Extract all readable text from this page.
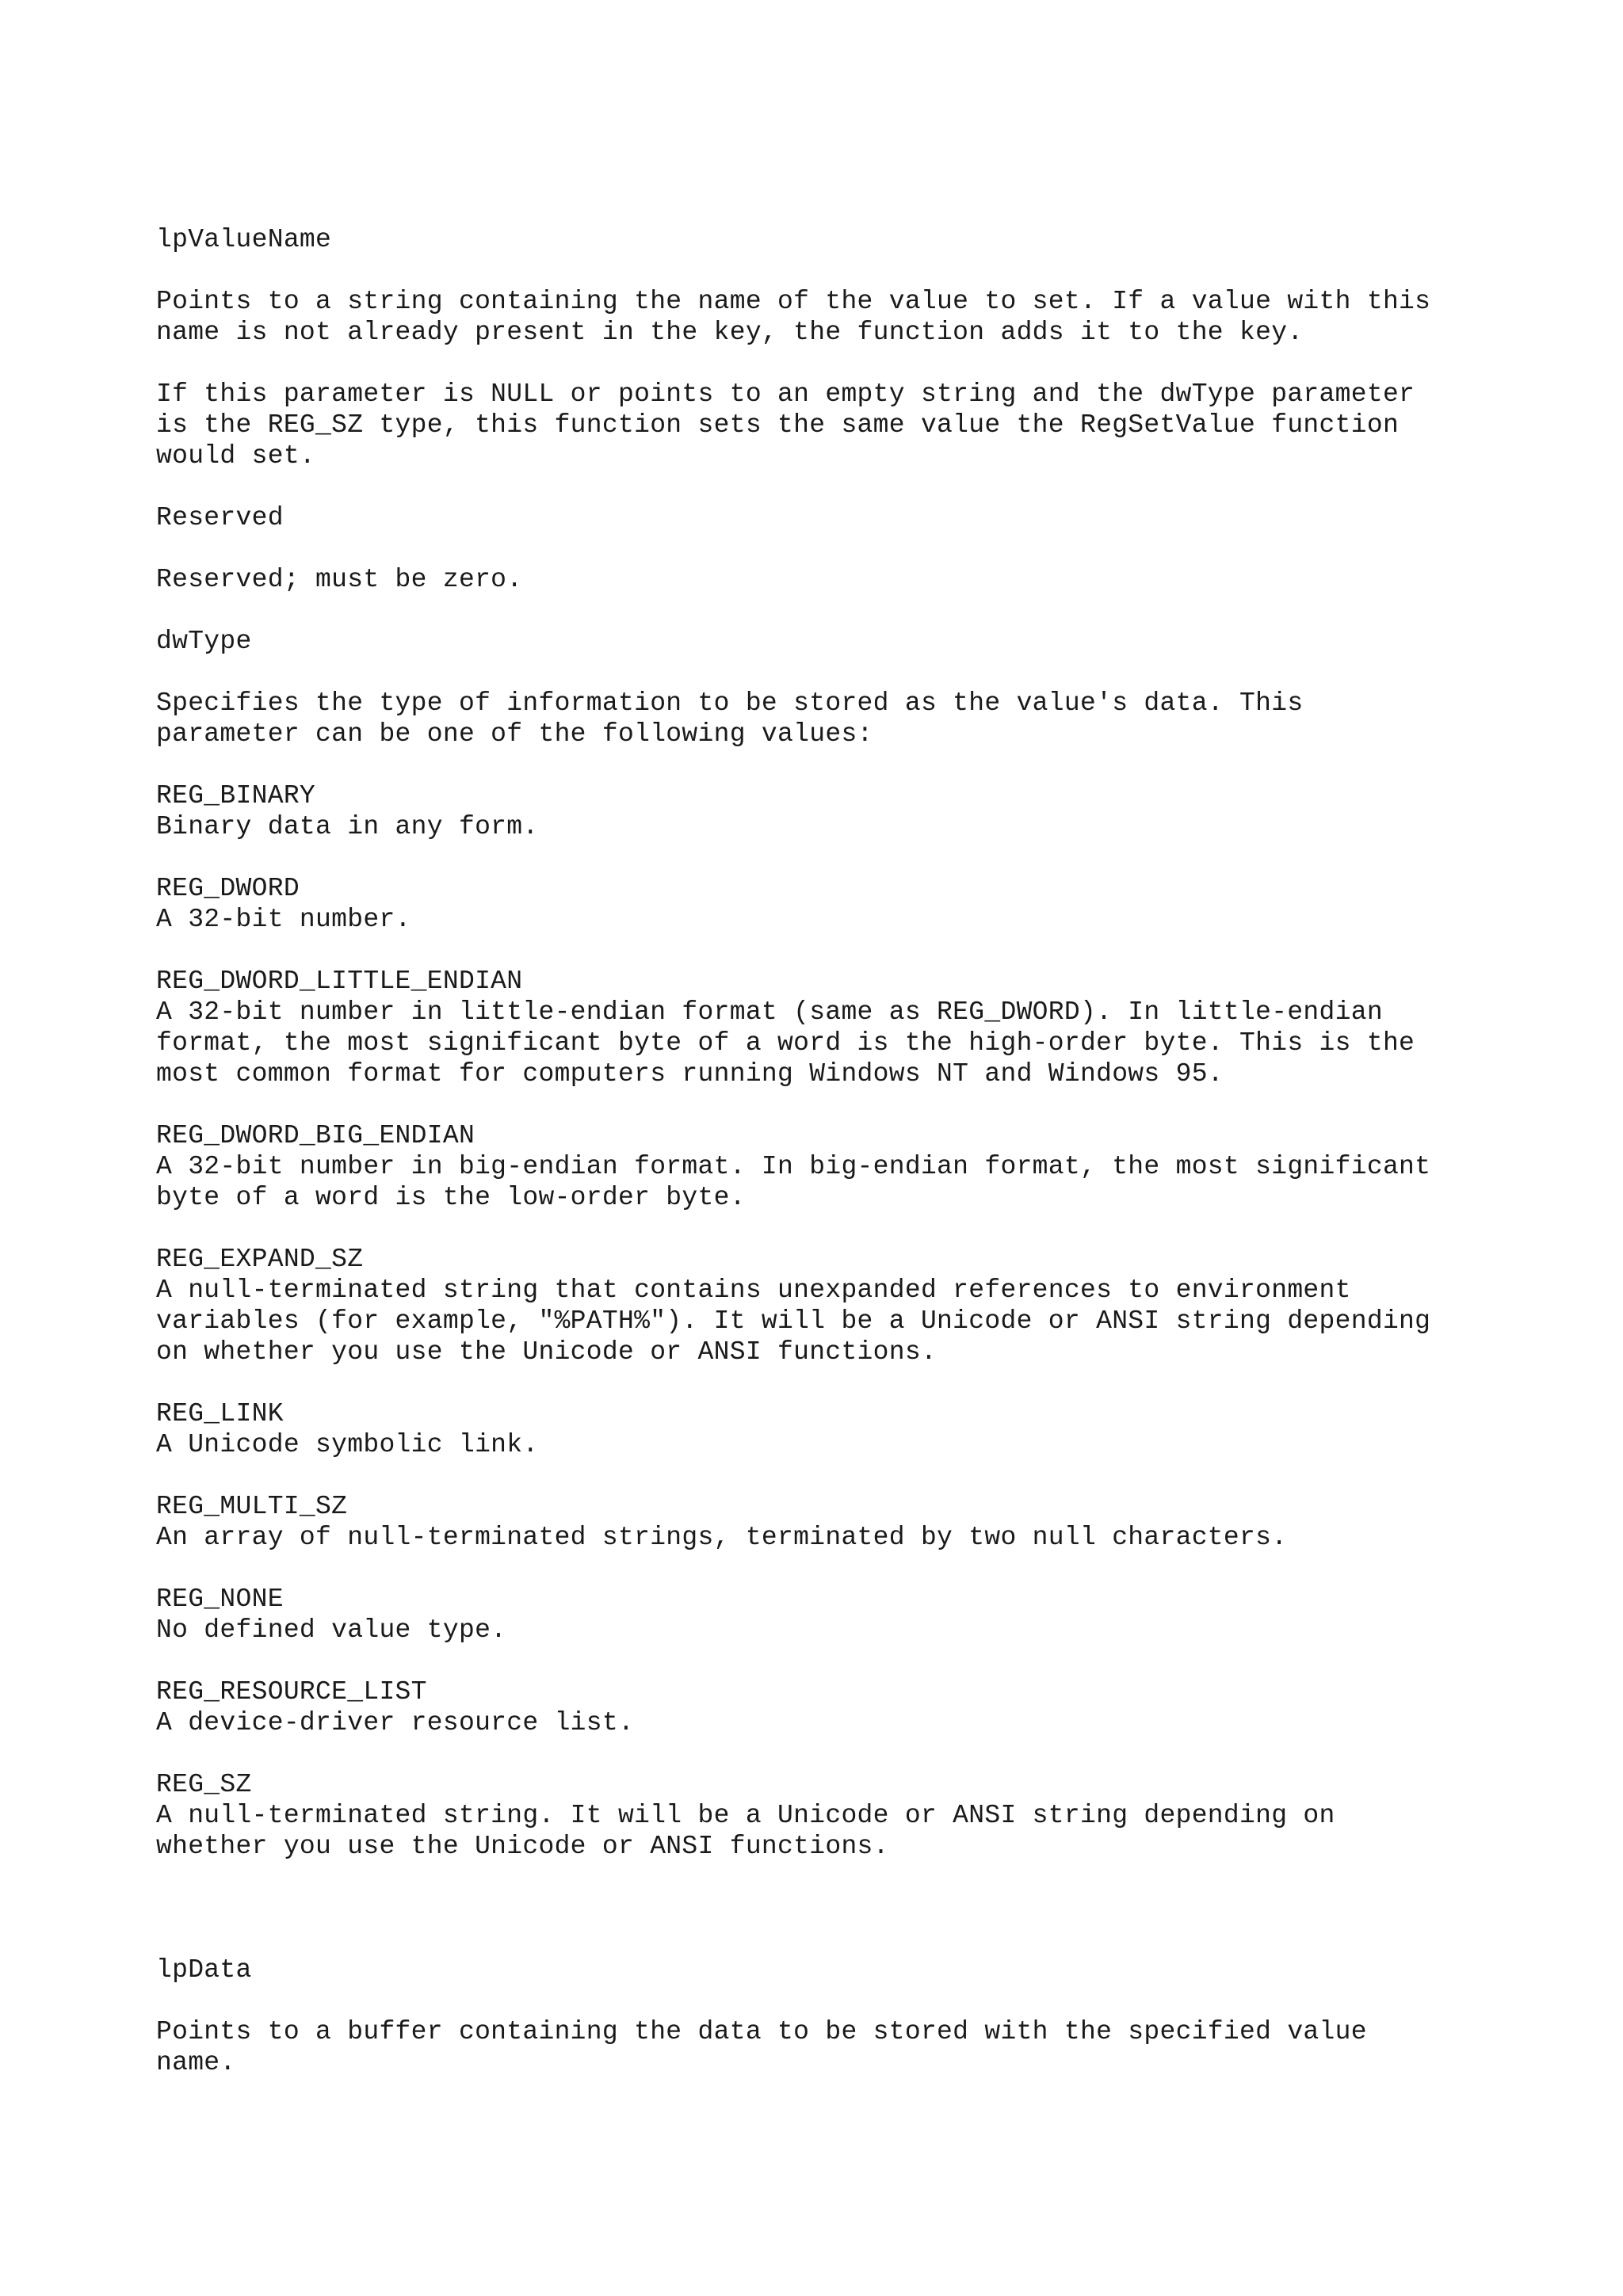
lpValueName
Points to a string containing the name of the value to set. If a value with this
name is not already present in the key, the function adds it to the key.
If this parameter is NULL or points to an empty string and the dwType parameter
is the REG_SZ type, this function sets the same value the RegSetValue function
would set.
Reserved
Reserved; must be zero.
dwType
Specifies the type of information to be stored as the value's data. This
parameter can be one of the following values:
REG_BINARY
Binary data in any form.
REG_DWORD
A 32-bit number.
REG_DWORD_LITTLE_ENDIAN
A 32-bit number in little-endian format (same as REG_DWORD). In little-endian
format, the most significant byte of a word is the high-order byte. This is the
most common format for computers running Windows NT and Windows 95.
REG_DWORD_BIG_ENDIAN
A 32-bit number in big-endian format. In big-endian format, the most significant
byte of a word is the low-order byte.
REG_EXPAND_SZ
A null-terminated string that contains unexpanded references to environment
variables (for example, "%PATH%"). It will be a Unicode or ANSI string depending
on whether you use the Unicode or ANSI functions.
REG_LINK
A Unicode symbolic link.
REG_MULTI_SZ
An array of null-terminated strings, terminated by two null characters.
REG_NONE
No defined value type.
REG_RESOURCE_LIST
A device-driver resource list.
REG_SZ
A null-terminated string. It will be a Unicode or ANSI string depending on
whether you use the Unicode or ANSI functions.
lpData
Points to a buffer containing the data to be stored with the specified value
name.
